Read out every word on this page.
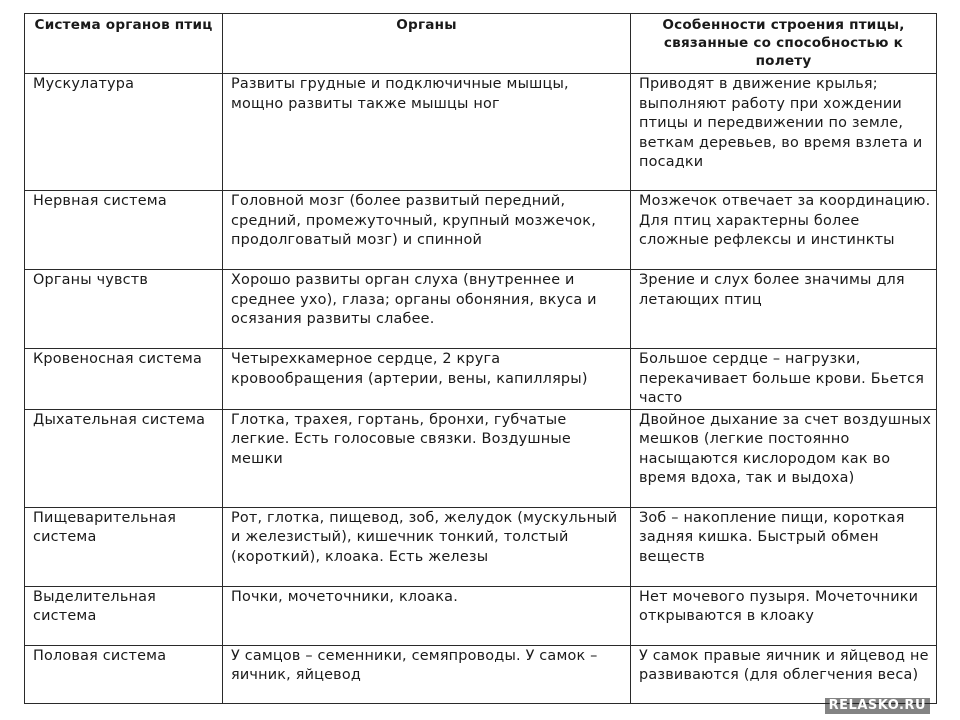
Система органов птиц	Органы	Особенности строения птицы, связанные со способностью к полету
Мускулатура	Развиты грудные и подключичные мышцы, мощно развиты также мышцы ног	Приводят в движение крылья; выполняют работу при хождении птицы и передвижении по земле, веткам деревьев, во время взлета и посадки
Нервная система	Головной мозг (более развитый передний, средний, промежуточный, крупный мозжечок, продолговатый мозг) и спинной	Мозжечок отвечает за координацию. Для птиц характерны более сложные рефлексы и инстинкты
Органы чувств	Хорошо развиты орган слуха (внутреннее и среднее ухо), глаза; органы обоняния, вкуса и осязания развиты слабее.	Зрение и слух более значимы для летающих птиц
Кровеносная система	Четырехкамерное сердце, 2 круга кровообращения (артерии, вены, капилляры)	Большое сердце – нагрузки, перекачивает больше крови. Бьется часто
Дыхательная система	Глотка, трахея, гортань, бронхи, губчатые легкие. Есть голосовые связки. Воздушные мешки	Двойное дыхание за счет воздушных мешков (легкие постоянно насыщаются кислородом как во время вдоха, так и выдоха)
Пищеварительная система	Рот, глотка, пищевод, зоб, желудок (мускульный и железистый), кишечник тонкий, толстый (короткий), клоака. Есть железы	Зоб – накопление пищи, короткая задняя кишка. Быстрый обмен веществ
Выделительная система	Почки, мочеточники, клоака.	Нет мочевого пузыря. Мочеточники открываются в клоаку
Половая система	У самцов – семенники, семяпроводы. У самок – яичник, яйцевод	У самок правые яичник и яйцевод не развиваются (для облегчения веса)
RELASKO.RU
